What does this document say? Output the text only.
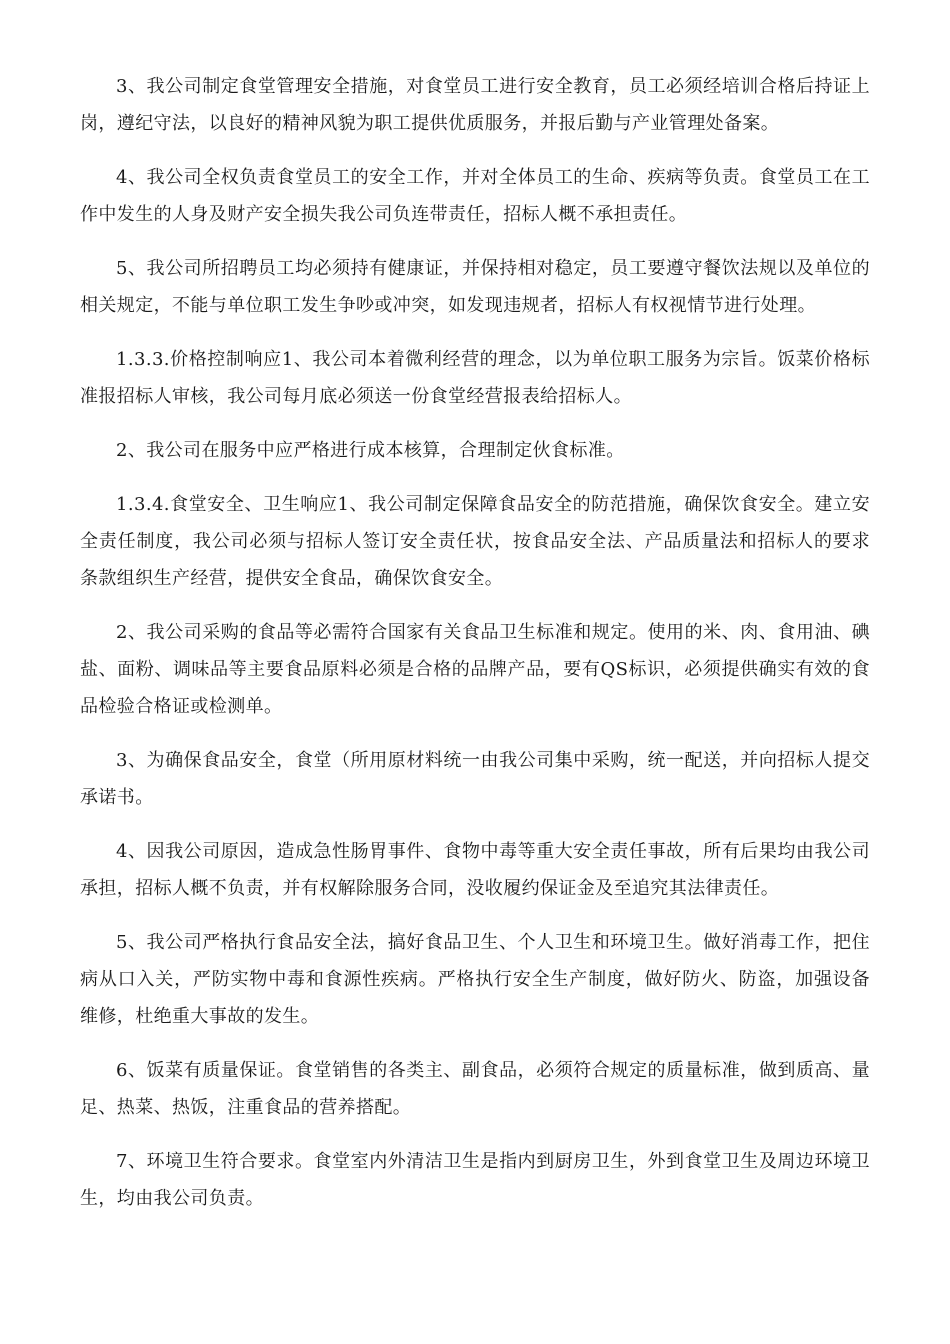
3、我公司制定食堂管理安全措施，对食堂员工进行安全教育，员工必须经培训合格后持证上岗，遵纪守法，以良好的精神风貌为职工提供优质服务，并报后勤与产业管理处备案。

4、我公司全权负责食堂员工的安全工作，并对全体员工的生命、疾病等负责。食堂员工在工作中发生的人身及财产安全损失我公司负连带责任，招标人概不承担责任。

5、我公司所招聘员工均必须持有健康证，并保持相对稳定，员工要遵守餐饮法规以及单位的相关规定，不能与单位职工发生争吵或冲突，如发现违规者，招标人有权视情节进行处理。

1.3.3.价格控制响应1、我公司本着微利经营的理念，以为单位职工服务为宗旨。饭菜价格标准报招标人审核，我公司每月底必须送一份食堂经营报表给招标人。

2、我公司在服务中应严格进行成本核算，合理制定伙食标准。

1.3.4.食堂安全、卫生响应1、我公司制定保障食品安全的防范措施，确保饮食安全。建立安全责任制度，我公司必须与招标人签订安全责任状，按食品安全法、产品质量法和招标人的要求条款组织生产经营，提供安全食品，确保饮食安全。

2、我公司采购的食品等必需符合国家有关食品卫生标准和规定。使用的米、肉、食用油、碘盐、面粉、调味品等主要食品原料必须是合格的品牌产品，要有QS标识，必须提供确实有效的食品检验合格证或检测单。

3、为确保食品安全，食堂（所用原材料统一由我公司集中采购，统一配送，并向招标人提交承诺书。

4、因我公司原因，造成急性肠胃事件、食物中毒等重大安全责任事故，所有后果均由我公司承担，招标人概不负责，并有权解除服务合同，没收履约保证金及至追究其法律责任。

5、我公司严格执行食品安全法，搞好食品卫生、个人卫生和环境卫生。做好消毒工作，把住病从口入关，严防实物中毒和食源性疾病。严格执行安全生产制度，做好防火、防盗，加强设备维修，杜绝重大事故的发生。

6、饭菜有质量保证。食堂销售的各类主、副食品，必须符合规定的质量标准，做到质高、量足、热菜、热饭，注重食品的营养搭配。

7、环境卫生符合要求。食堂室内外清洁卫生是指内到厨房卫生，外到食堂卫生及周边环境卫生，均由我公司负责。
